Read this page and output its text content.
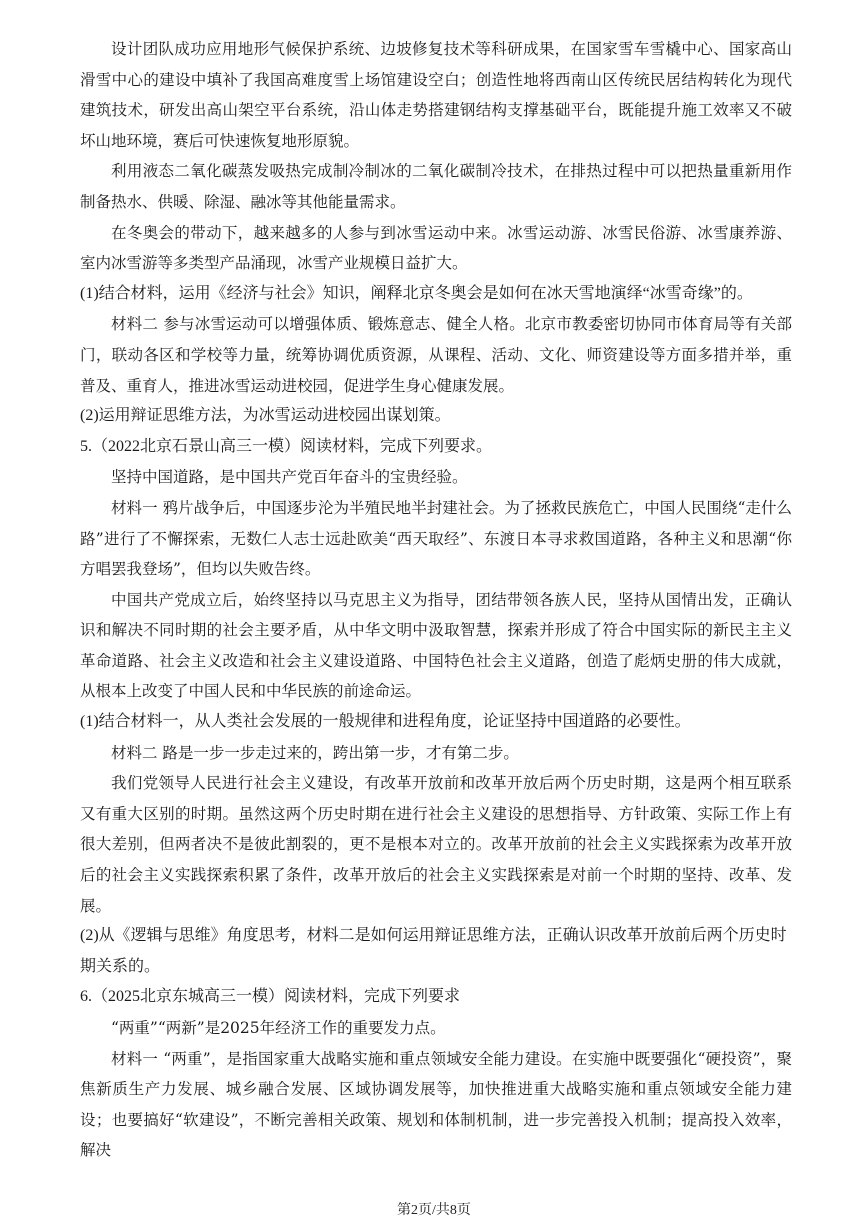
设计团队成功应用地形气候保护系统、边坡修复技术等科研成果，在国家雪车雪橇中心、国家高山滑雪中心的建设中填补了我国高难度雪上场馆建设空白；创造性地将西南山区传统民居结构转化为现代建筑技术，研发出高山架空平台系统，沿山体走势搭建钢结构支撑基础平台，既能提升施工效率又不破坏山地环境，赛后可快速恢复地形原貌。

利用液态二氧化碳蒸发吸热完成制冷制冰的二氧化碳制冷技术，在排热过程中可以把热量重新用作制备热水、供暖、除湿、融冰等其他能量需求。

在冬奥会的带动下，越来越多的人参与到冰雪运动中来。冰雪运动游、冰雪民俗游、冰雪康养游、室内冰雪游等多类型产品涌现，冰雪产业规模日益扩大。

(1)结合材料，运用《经济与社会》知识，阐释北京冬奥会是如何在冰天雪地演绎“冰雪奇缘”的。

材料二 参与冰雪运动可以增强体质、锻炼意志、健全人格。北京市教委密切协同市体育局等有关部门，联动各区和学校等力量，统筹协调优质资源，从课程、活动、文化、师资建设等方面多措并举，重普及、重育人，推进冰雪运动进校园，促进学生身心健康发展。

(2)运用辩证思维方法，为冰雪运动进校园出谋划策。

5.（2022北京石景山高三一模）阅读材料，完成下列要求。

坚持中国道路，是中国共产党百年奋斗的宝贵经验。

材料一 鸦片战争后，中国逐步沦为半殖民地半封建社会。为了拯救民族危亡，中国人民围绕“走什么路”进行了不懈探索，无数仁人志士远赴欧美“西天取经”、东渡日本寻求救国道路，各种主义和思潮“你方唱罢我登场”，但均以失败告终。

中国共产党成立后，始终坚持以马克思主义为指导，团结带领各族人民，坚持从国情出发，正确认识和解决不同时期的社会主要矛盾，从中华文明中汲取智慧，探索并形成了符合中国实际的新民主主义革命道路、社会主义改造和社会主义建设道路、中国特色社会主义道路，创造了彪炳史册的伟大成就，从根本上改变了中国人民和中华民族的前途命运。

(1)结合材料一，从人类社会发展的一般规律和进程角度，论证坚持中国道路的必要性。

材料二 路是一步一步走过来的，跨出第一步，才有第二步。

我们党领导人民进行社会主义建设，有改革开放前和改革开放后两个历史时期，这是两个相互联系又有重大区别的时期。虽然这两个历史时期在进行社会主义建设的思想指导、方针政策、实际工作上有很大差别，但两者决不是彼此割裂的，更不是根本对立的。改革开放前的社会主义实践探索为改革开放后的社会主义实践探索积累了条件，改革开放后的社会主义实践探索是对前一个时期的坚持、改革、发展。

(2)从《逻辑与思维》角度思考，材料二是如何运用辩证思维方法，正确认识改革开放前后两个历史时期关系的。

6.（2025北京东城高三一模）阅读材料，完成下列要求

“两重”“两新”是2025年经济工作的重要发力点。

材料一 “两重”，是指国家重大战略实施和重点领域安全能力建设。在实施中既要强化“硬投资”，聚焦新质生产力发展、城乡融合发展、区域协调发展等，加快推进重大战略实施和重点领域安全能力建设；也要搞好“软建设”，不断完善相关政策、规划和体制机制，进一步完善投入机制；提高投入效率，解决

第2页/共8页
